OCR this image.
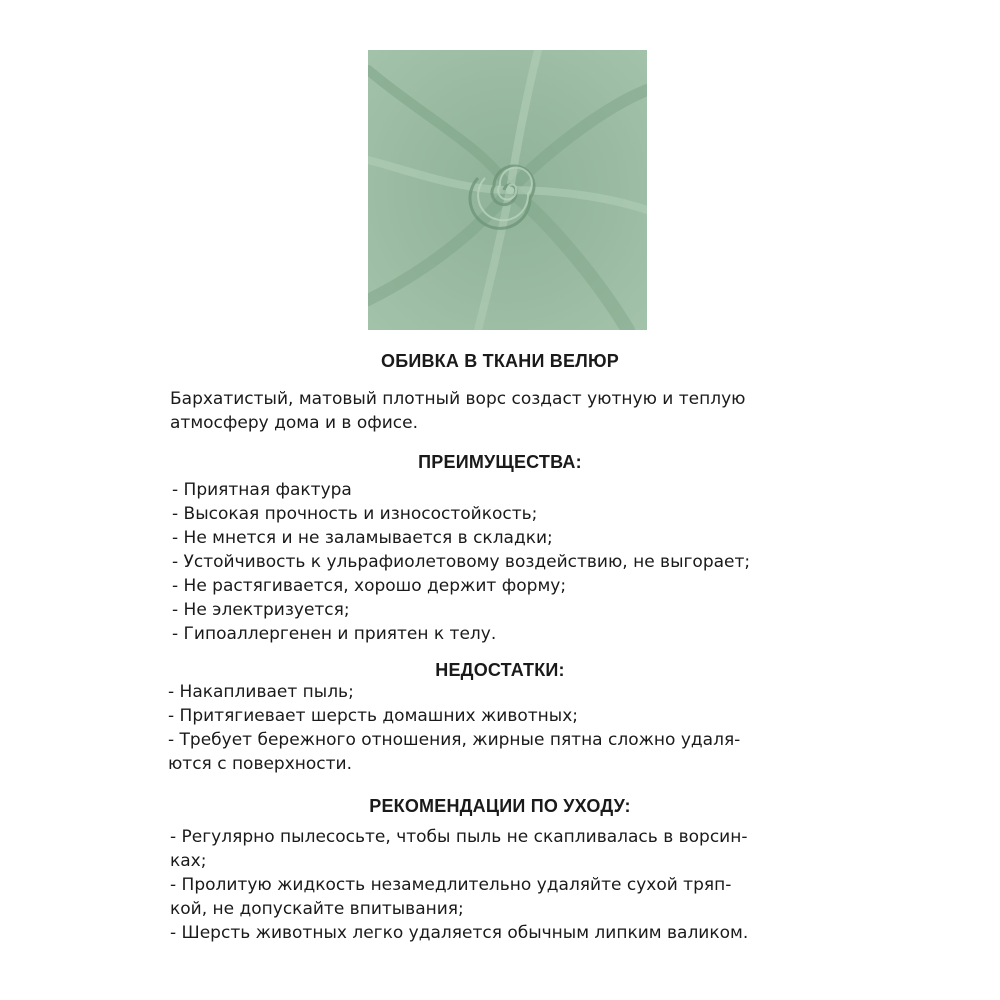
ОБИВКА В ТКАНИ ВЕЛЮР

Бархатистый, матовый плотный ворс создаст уютную и теплую

атмосферу дома и в офисе.

ПРЕИМУЩЕСТВА:
- Приятная фактура
- Высокая прочность и износостойкость;
- Не мнется и не заламывается в складки;
- Устойчивость к ульрафиолетовому воздействию, не выгорает;
- Не растягивается, хорошо держит форму;
- Не электризуется;
- Гипоаллергенен и приятен к телу.
НЕДОСТАТКИ:
- Накапливает пыль;
- Притягиевает шерсть домашних животных;
- Требует бережного отношения, жирные пятна сложно удаля-
ются с поверхности.
РЕКОМЕНДАЦИИ ПО УХОДУ:
- Регулярно пылесосьте, чтобы пыль не скапливалась в ворсин-
ках;
- Пролитую жидкость незамедлительно удаляйте сухой тряп-
кой, не допускайте впитывания;
- Шерсть животных легко удаляется обычным липким валиком.
